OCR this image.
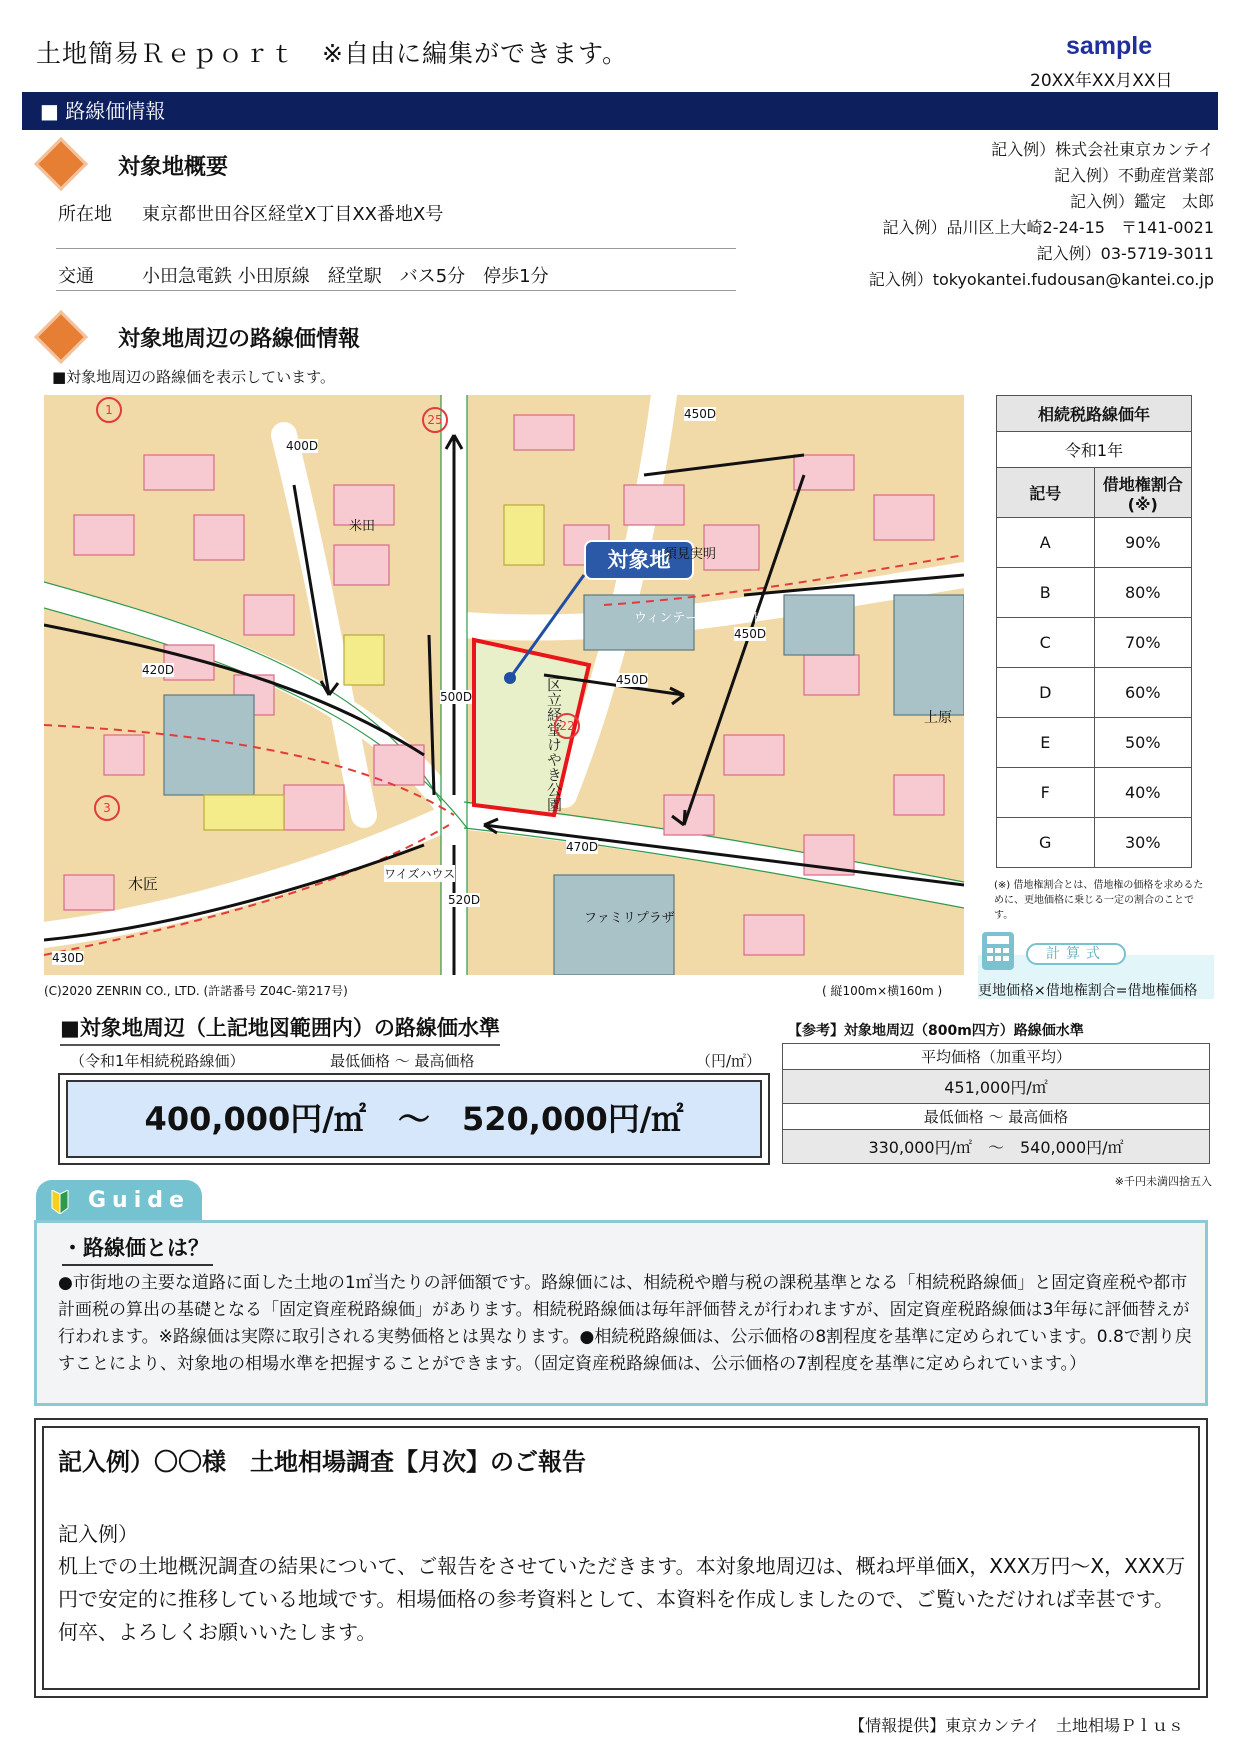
土地簡易Ｒｅｐｏｒｔ　※自由に編集ができます。	sample
20XX年XX月XX日
■ 路線価情報
対象地概要
所在地 東京都世田谷区経堂X丁目XX番地X号
交通	小田急電鉄 小田原線　経堂駅　バス5分　停歩1分
記入例）株式会社東京カンテイ
記入例）不動産営業部
記入例）鑑定　太郎
記入例）品川区上大崎2-24-15　〒141-0021
記入例）03-5719-3011
記入例）tokyokantei.fudousan@kantei.co.jp
対象地周辺の路線価情報
■対象地周辺の路線価を表示しています。
対象地
区立経堂けやき公園
400D
450D
420D
500D
450D
450D
470D
520D
430D
25
22
3
1
米田
ウィンテージ・コート
ファミリプラザ
木匠
ワイズハウス
須見実明
上原
(C)2020 ZENRIN CO., LTD. (許諾番号 Z04C-第217号)	( 縦100m×横160m )
相続税路線価年	
令和1年	
記号	借地権割合
(※)
A	90%
B	80%
C	70%
D	60%
E	50%
F	40%
G	30%
(※) 借地権割合とは、借地権の価格を求めるために、更地価格に乗じる一定の割合のことです。
計算式
更地価格×借地権割合=借地権価格
■対象地周辺（上記地図範囲内）の路線価水準
（令和1年相続税路線価）	最低価格 ～ 最高価格	（円/㎡）
400,000円/㎡　～　520,000円/㎡
【参考】対象地周辺（800m四方）路線価水準
平均価格（加重平均）
451,000円/㎡
最低価格 ～ 最高価格
330,000円/㎡　～　540,000円/㎡
※千円未満四捨五入
Guide
・路線価とは？
●市街地の主要な道路に面した土地の1㎡当たりの評価額です。路線価には、相続税や贈与税の課税基準となる「相続税路線価」と固定資産税や都市計画税の算出の基礎となる「固定資産税路線価」があります。相続税路線価は毎年評価替えが行われますが、固定資産税路線価は3年毎に評価替えが行われます。※路線価は実際に取引される実勢価格とは異なります。●相続税路線価は、公示価格の8割程度を基準に定められています。0.8で割り戻すことにより、対象地の相場水準を把握することができます。（固定資産税路線価は、公示価格の7割程度を基準に定められています。）
記入例）〇〇様　土地相場調査【月次】のご報告
記入例）
机上での土地概況調査の結果について、ご報告をさせていただきます。本対象地周辺は、概ね坪単価X，XXX万円～X，XXX万円で安定的に推移している地域です。相場価格の参考資料として、本資料を作成しましたので、ご覧いただければ幸甚です。何卒、よろしくお願いいたします。
【情報提供】東京カンテイ　土地相場Ｐｌｕｓ
